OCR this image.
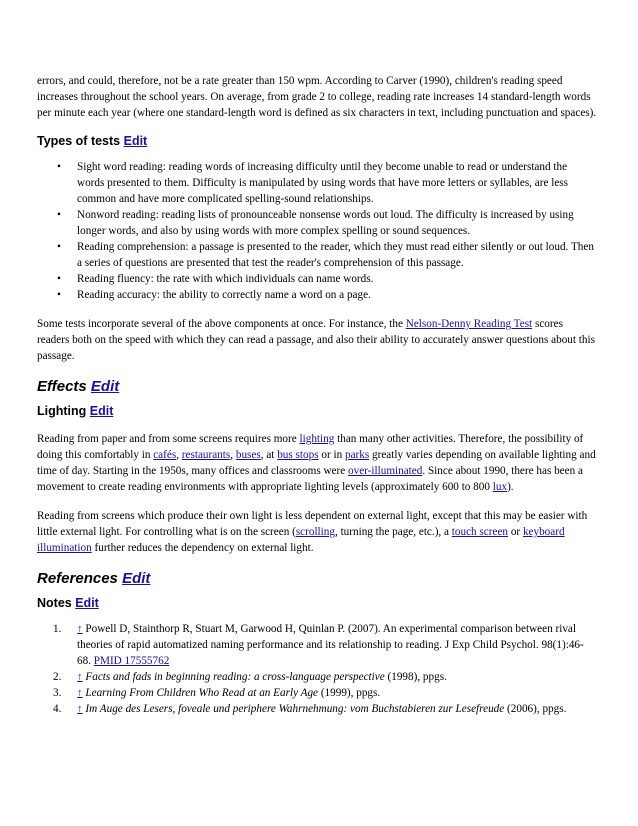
errors, and could, therefore, not be a rate greater than 150 wpm. According to Carver (1990), children's reading speed increases throughout the school years. On average, from grade 2 to college, reading rate increases 14 standard-length words per minute each year (where one standard-length word is defined as six characters in text, including punctuation and spaces).

Types of tests Edit
• Sight word reading: reading words of increasing difficulty until they become unable to read or understand the words presented to them. Difficulty is manipulated by using words that have more letters or syllables, are less common and have more complicated spelling-sound relationships.
• Nonword reading: reading lists of pronounceable nonsense words out loud. The difficulty is increased by using longer words, and also by using words with more complex spelling or sound sequences.
• Reading comprehension: a passage is presented to the reader, which they must read either silently or out loud. Then a series of questions are presented that test the reader's comprehension of this passage.
• Reading fluency: the rate with which individuals can name words.
• Reading accuracy: the ability to correctly name a word on a page.

Some tests incorporate several of the above components at once. For instance, the Nelson-Denny Reading Test scores readers both on the speed with which they can read a passage, and also their ability to accurately answer questions about this passage.

Effects Edit
Lighting Edit

Reading from paper and from some screens requires more lighting than many other activities. Therefore, the possibility of doing this comfortably in cafés, restaurants, buses, at bus stops or in parks greatly varies depending on available lighting and time of day. Starting in the 1950s, many offices and classrooms were over-illuminated. Since about 1990, there has been a movement to create reading environments with appropriate lighting levels (approximately 600 to 800 lux).

Reading from screens which produce their own light is less dependent on external light, except that this may be easier with little external light. For controlling what is on the screen (scrolling, turning the page, etc.), a touch screen or keyboard illumination further reduces the dependency on external light.

References Edit
Notes Edit
1. ↑ Powell D, Stainthorp R, Stuart M, Garwood H, Quinlan P. (2007). An experimental comparison between rival theories of rapid automatized naming performance and its relationship to reading. J Exp Child Psychol. 98(1):46-68. PMID 17555762
2. ↑ Facts and fads in beginning reading: a cross-language perspective (1998), ppgs.
3. ↑ Learning From Children Who Read at an Early Age (1999), ppgs.
4. ↑ Im Auge des Lesers, foveale und periphere Wahrnehmung: vom Buchstabieren zur Lesefreude (2006), ppgs.
